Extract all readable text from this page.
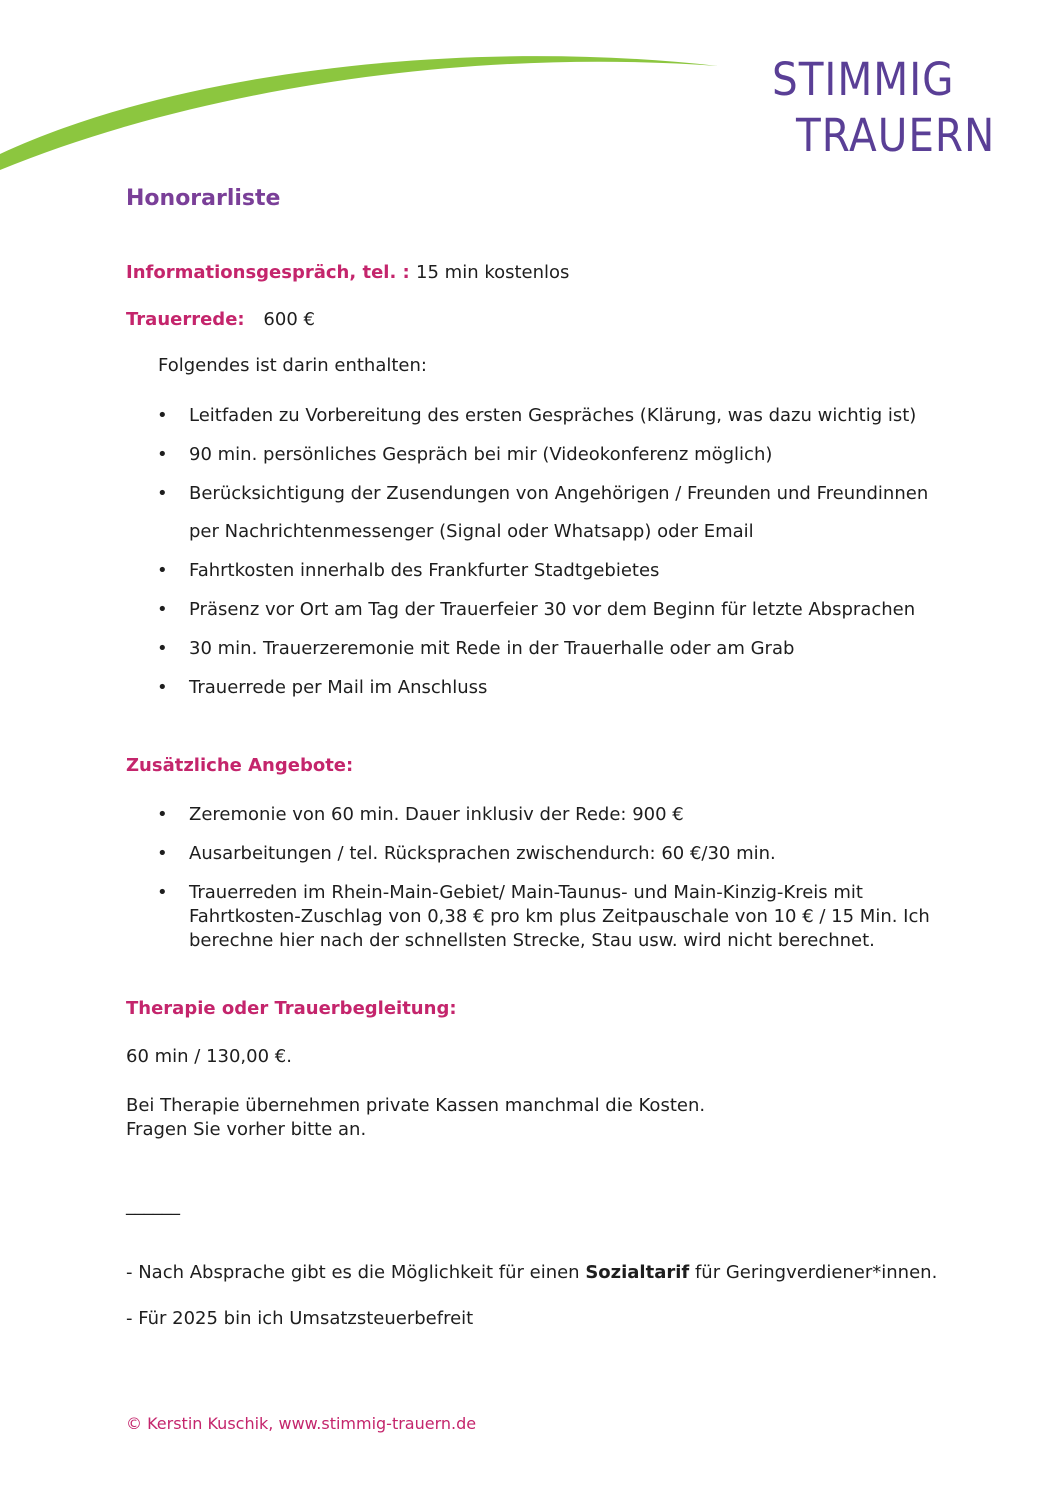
STIMMIG
TRAUERN
Honorarliste

Informationsgespräch, tel. : 15 min kostenlos

Trauerrede: 600 €

Folgendes ist darin enthalten:

• Leitfaden zu Vorbereitung des ersten Gespräches (Klärung, was dazu wichtig ist)
• 90 min. persönliches Gespräch bei mir (Videokonferenz möglich)
• Berücksichtigung der Zusendungen von Angehörigen / Freunden und Freundinnen per Nachrichtenmessenger (Signal oder Whatsapp) oder Email
• Fahrtkosten innerhalb des Frankfurter Stadtgebietes
• Präsenz vor Ort am Tag der Trauerfeier 30 vor dem Beginn für letzte Absprachen
• 30 min. Trauerzeremonie mit Rede in der Trauerhalle oder am Grab
• Trauerrede per Mail im Anschluss

Zusätzliche Angebote:

• Zeremonie von 60 min. Dauer inklusiv der Rede: 900 €
• Ausarbeitungen / tel. Rücksprachen zwischendurch: 60 €/30 min.
• Trauerreden im Rhein-Main-Gebiet/ Main-Taunus- und Main-Kinzig-Kreis mit Fahrtkosten-Zuschlag von 0,38 € pro km plus Zeitpauschale von 10 € / 15 Min. Ich berechne hier nach der schnellsten Strecke, Stau usw. wird nicht berechnet.

Therapie oder Trauerbegleitung:

60 min / 130,00 €.

Bei Therapie übernehmen private Kassen manchmal die Kosten.

Fragen Sie vorher bitte an.

______

- Nach Absprache gibt es die Möglichkeit für einen Sozialtarif für Geringverdiener*innen.

- Für 2025 bin ich Umsatzsteuerbefreit

© Kerstin Kuschik, www.stimmig-trauern.de
